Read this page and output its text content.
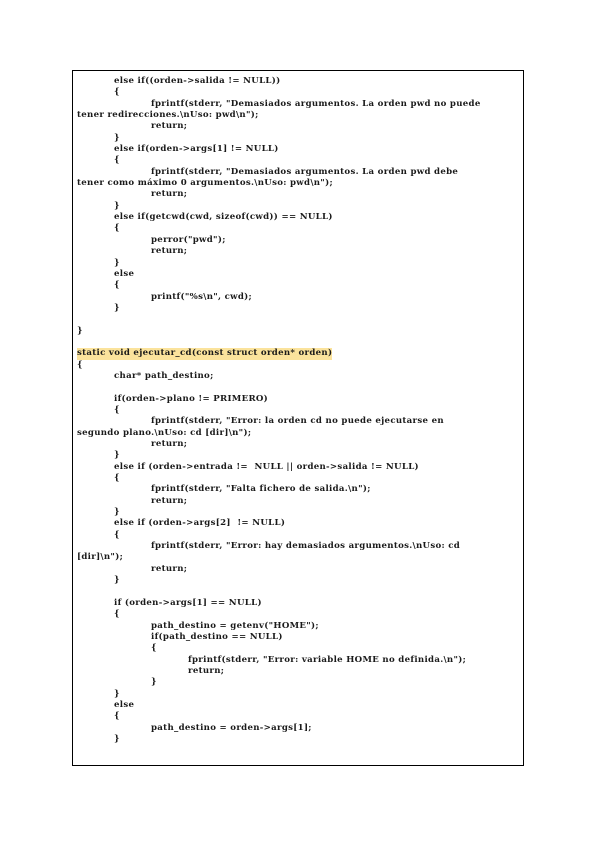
else if((orden->salida != NULL))
{
fprintf(stderr, "Demasiados argumentos. La orden pwd no puede
tener redirecciones.\nUso: pwd\n");
return;
}
else if(orden->args[1] != NULL)
{
fprintf(stderr, "Demasiados argumentos. La orden pwd debe
tener como máximo 0 argumentos.\nUso: pwd\n");
return;
}
else if(getcwd(cwd, sizeof(cwd)) == NULL)
{
perror("pwd");
return;
}
else
{
printf("%s\n", cwd);
}
}
static void ejecutar_cd(const struct orden* orden)
{
char* path_destino;
if(orden->plano != PRIMERO)
{
fprintf(stderr, "Error: la orden cd no puede ejecutarse en
segundo plano.\nUso: cd [dir]\n");
return;
}
else if (orden->entrada !=  NULL || orden->salida != NULL)
{
fprintf(stderr, "Falta fichero de salida.\n");
return;
}
else if (orden->args[2]  != NULL)
{
fprintf(stderr, "Error: hay demasiados argumentos.\nUso: cd
[dir]\n");
return;
}
if (orden->args[1] == NULL)
{
path_destino = getenv("HOME");
if(path_destino == NULL)
{
fprintf(stderr, "Error: variable HOME no definida.\n");
return;
}
}
else
{
path_destino = orden->args[1];
}
